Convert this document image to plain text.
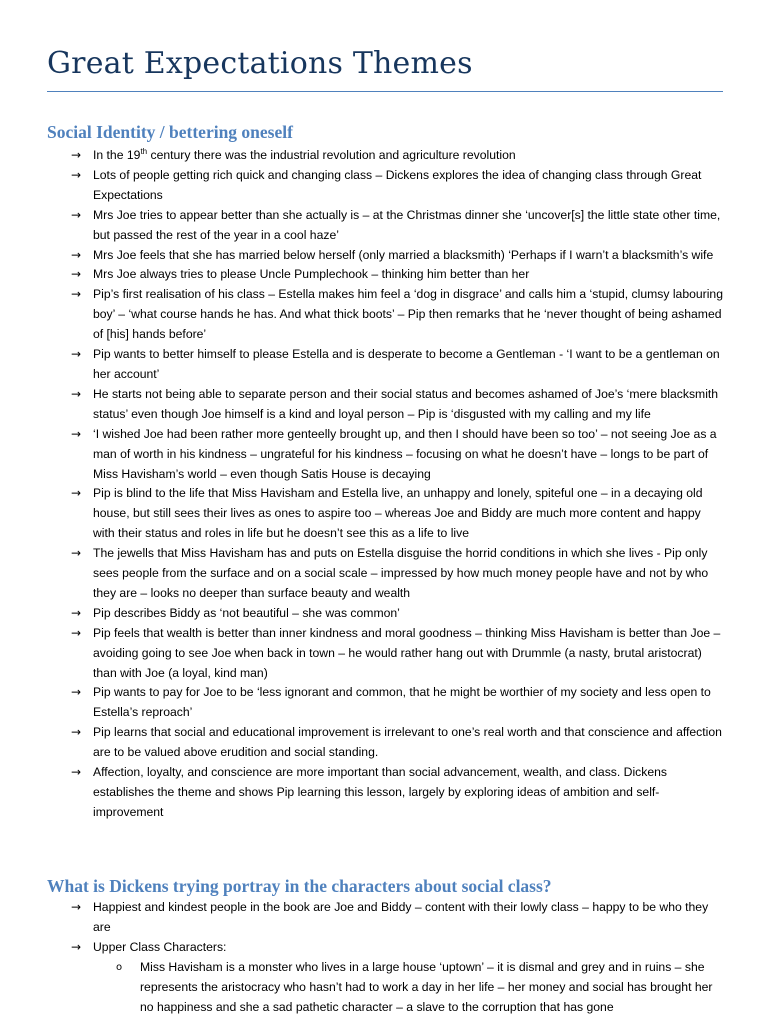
Great Expectations Themes
Social Identity / bettering oneself
→ In the 19th century there was the industrial revolution and agriculture revolution
→ Lots of people getting rich quick and changing class – Dickens explores the idea of changing class through Great Expectations
→ Mrs Joe tries to appear better than she actually is – at the Christmas dinner she ‘uncover[s] the little state other time, but passed the rest of the year in a cool haze’
→ Mrs Joe feels that she has married below herself (only married a blacksmith) ‘Perhaps if I warn’t a blacksmith’s wife
→ Mrs Joe always tries to please Uncle Pumplechook – thinking him better than her
→ Pip’s first realisation of his class – Estella makes him feel a ‘dog in disgrace’ and calls him a ‘stupid, clumsy labouring boy’ – ‘what course hands he has. And what thick boots’ – Pip then remarks that he ‘never thought of being ashamed of [his] hands before’
→ Pip wants to better himself to please Estella and is desperate to become a Gentleman - ‘I want to be a gentleman on her account’
→ He starts not being able to separate person and their social status and becomes ashamed of Joe’s ‘mere blacksmith status’ even though Joe himself is a kind and loyal person – Pip is ‘disgusted with my calling and my life
→ ‘I wished Joe had been rather more genteelly brought up, and then I should have been so too’ – not seeing Joe as a man of worth in his kindness – ungrateful for his kindness – focusing on what he doesn’t have – longs to be part of Miss Havisham’s world – even though Satis House is decaying
→ Pip is blind to the life that Miss Havisham and Estella live, an unhappy and lonely, spiteful one – in a decaying old house, but still sees their lives as ones to aspire too – whereas Joe and Biddy are much more content and happy with their status and roles in life but he doesn’t see this as a life to live
→ The jewells that Miss Havisham has and puts on Estella disguise the horrid conditions in which she lives - Pip only sees people from the surface and on a social scale – impressed by how much money people have and not by who they are – looks no deeper than surface beauty and wealth
→ Pip describes Biddy as ‘not beautiful – she was common’
→ Pip feels that wealth is better than inner kindness and moral goodness – thinking Miss Havisham is better than Joe – avoiding going to see Joe when back in town – he would rather hang out with Drummle (a nasty, brutal aristocrat) than with Joe (a loyal, kind man)
→ Pip wants to pay for Joe to be ‘less ignorant and common, that he might be worthier of my society and less open to Estella’s reproach’
→ Pip learns that social and educational improvement is irrelevant to one’s real worth and that conscience and affection are to be valued above erudition and social standing.
→ Affection, loyalty, and conscience are more important than social advancement, wealth, and class. Dickens establishes the theme and shows Pip learning this lesson, largely by exploring ideas of ambition and self-improvement
What is Dickens trying portray in the characters about social class?
→ Happiest and kindest people in the book are Joe and Biddy – content with their lowly class – happy to be who they are
→ Upper Class Characters:
o Miss Havisham is a monster who lives in a large house ‘uptown’ – it is dismal and grey and in ruins – she represents the aristocracy who hasn’t had to work a day in her life – her money and social has brought her no happiness and she a sad pathetic character – a slave to the corruption that has gone
